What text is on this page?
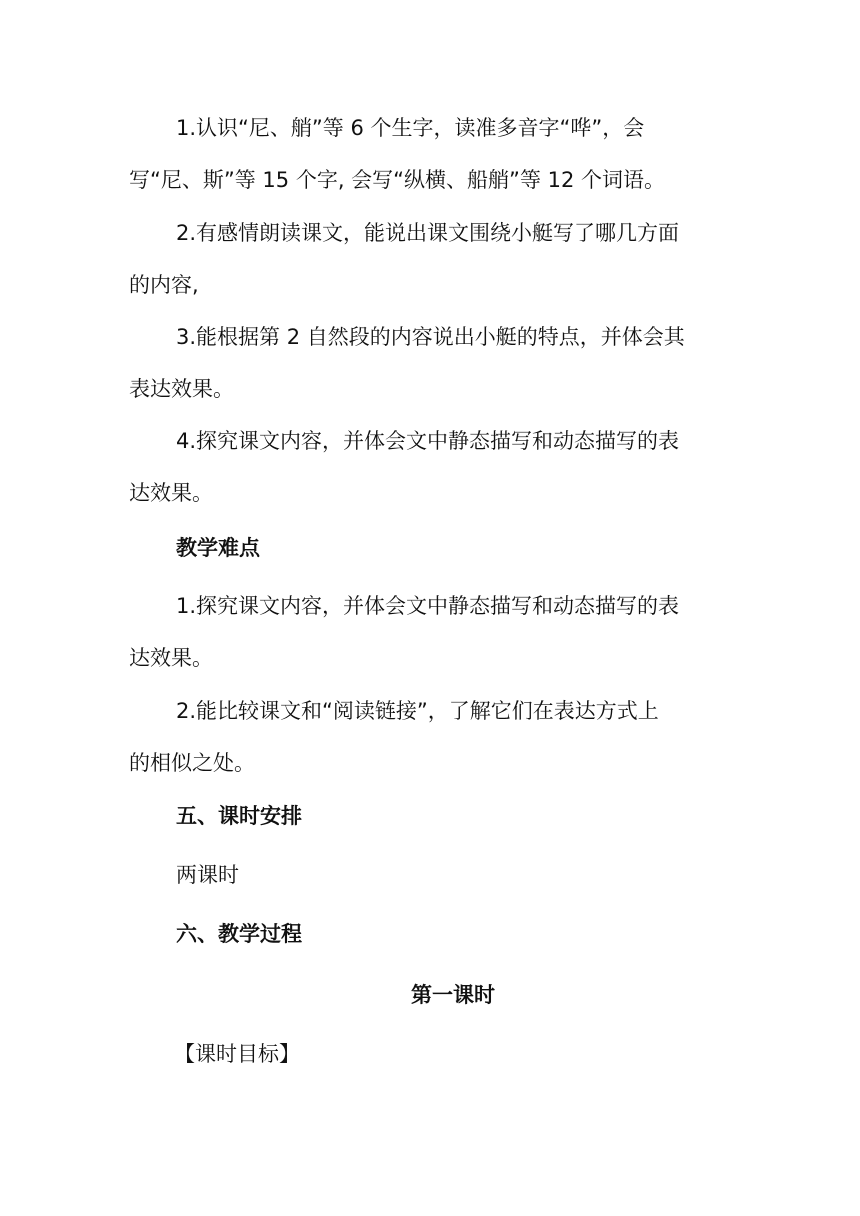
1.认识“尼、艄”等 6 个生字，读准多音字“哗”，会
写“尼、斯”等 15 个字, 会写“纵横、船艄”等 12 个词语。
2.有感情朗读课文，能说出课文围绕小艇写了哪几方面
的内容,
3.能根据第 2 自然段的内容说出小艇的特点，并体会其
表达效果。
4.探究课文内容，并体会文中静态描写和动态描写的表
达效果。
教学难点
1.探究课文内容，并体会文中静态描写和动态描写的表
达效果。
2.能比较课文和“阅读链接”，了解它们在表达方式上
的相似之处。
五、课时安排
两课时
六、教学过程
第一课时
【课时目标】
